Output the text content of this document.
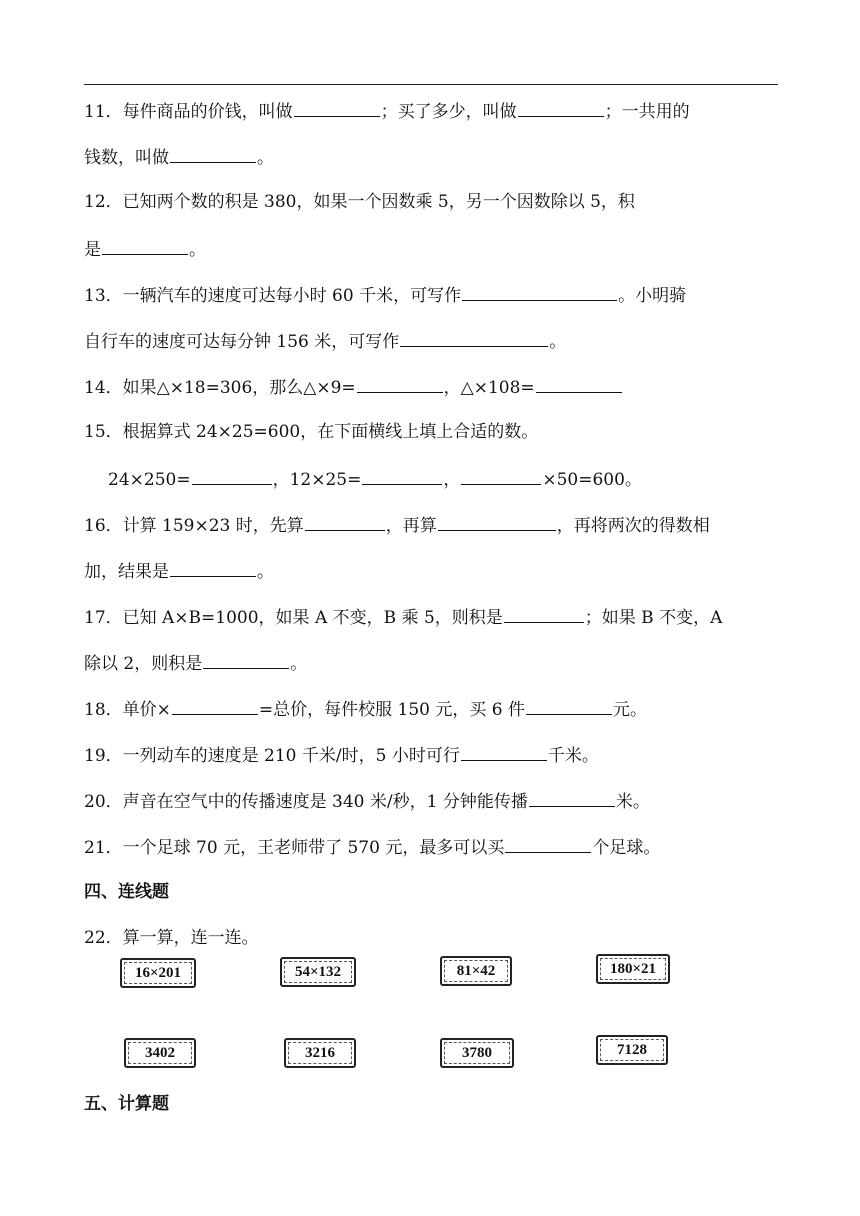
11．每件商品的价钱，叫做	；买了多少，叫做	；一共用的
钱数，叫做	。
12．已知两个数的积是 380，如果一个因数乘 5，另一个因数除以 5，积
是	。
13．一辆汽车的速度可达每小时 60 千米，可写作	。小明骑
自行车的速度可达每分钟 156 米，可写作	。
14．如果△×18=306，那么△×9=	，△×108=
15．根据算式 24×25=600，在下面横线上填上合适的数。
24×250=	，12×25=	，	×50=600。
16．计算 159×23 时，先算	，再算	，再将两次的得数相
加，结果是	。
17．已知 A×B=1000，如果 A 不变，B 乘 5，则积是	；如果 B 不变，A
除以 2，则积是	。
18．单价×	=总价，每件校服 150 元，买 6 件	元。
19．一列动车的速度是 210 千米/时，5 小时可行	千米。
20．声音在空气中的传播速度是 340 米/秒，1 分钟能传播	米。
21．一个足球 70 元，王老师带了 570 元，最多可以买	个足球。
四、连线题
22．算一算，连一连。
16×201	54×132	81×42	180×21
3402	3216	3780	7128
五、计算题
